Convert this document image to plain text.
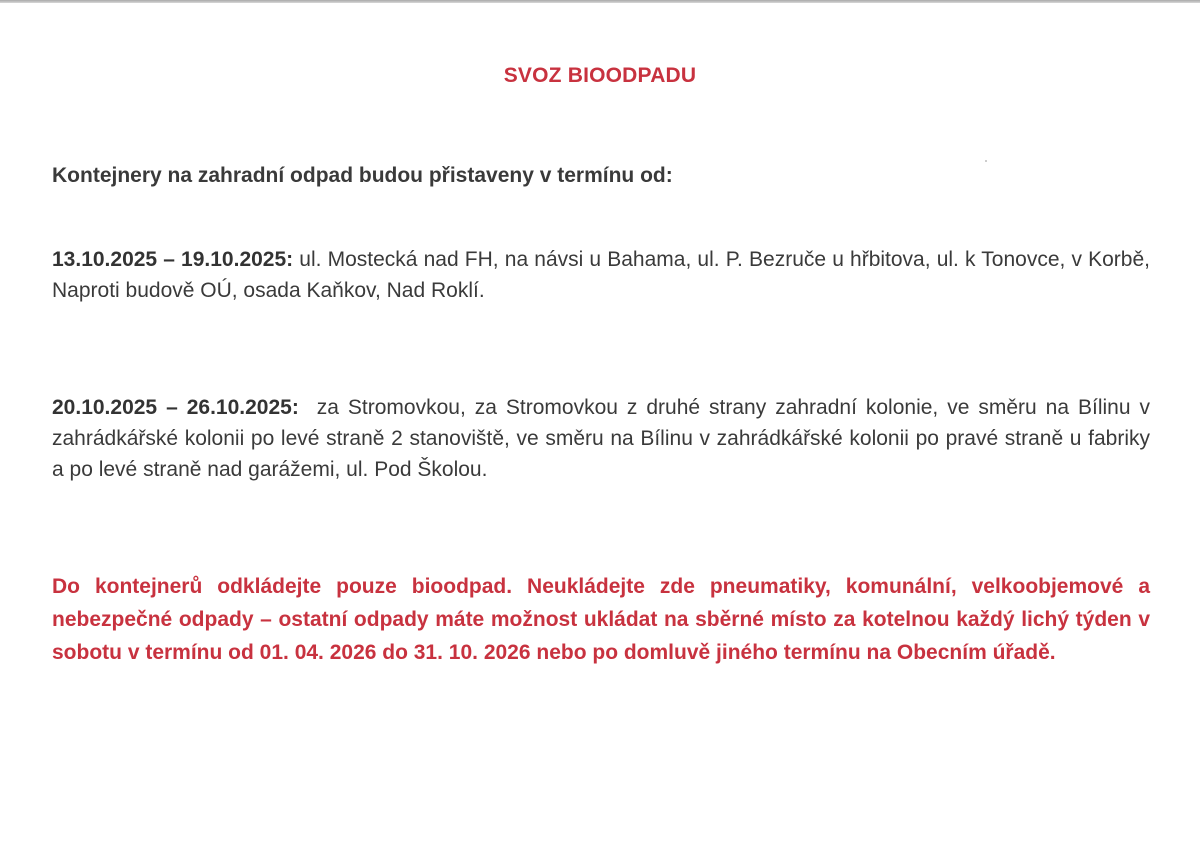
SVOZ BIOODPADU
Kontejnery na zahradní odpad budou přistaveny v termínu od:
13.10.2025 – 19.10.2025: ul. Mostecká nad FH, na návsi u Bahama, ul. P. Bezruče u hřbitova, ul. k Tonovce, v Korbě, Naproti budově OÚ, osada Kaňkov, Nad Roklí.
20.10.2025 – 26.10.2025: za Stromovkou, za Stromovkou z druhé strany zahradní kolonie, ve směru na Bílinu v zahrádkářské kolonii po levé straně 2 stanoviště, ve směru na Bílinu v zahrádkářské kolonii po pravé straně u fabriky a po levé straně nad garážemi, ul. Pod Školou.
Do kontejnerů odkládejte pouze bioodpad. Neukládejte zde pneumatiky, komunální, velkoobjemové a nebezpečné odpady – ostatní odpady máte možnost ukládat na sběrné místo za kotelnou každý lichý týden v sobotu v termínu od 01. 04. 2026 do 31. 10. 2026 nebo po domluvě jiného termínu na Obecním úřadě.
